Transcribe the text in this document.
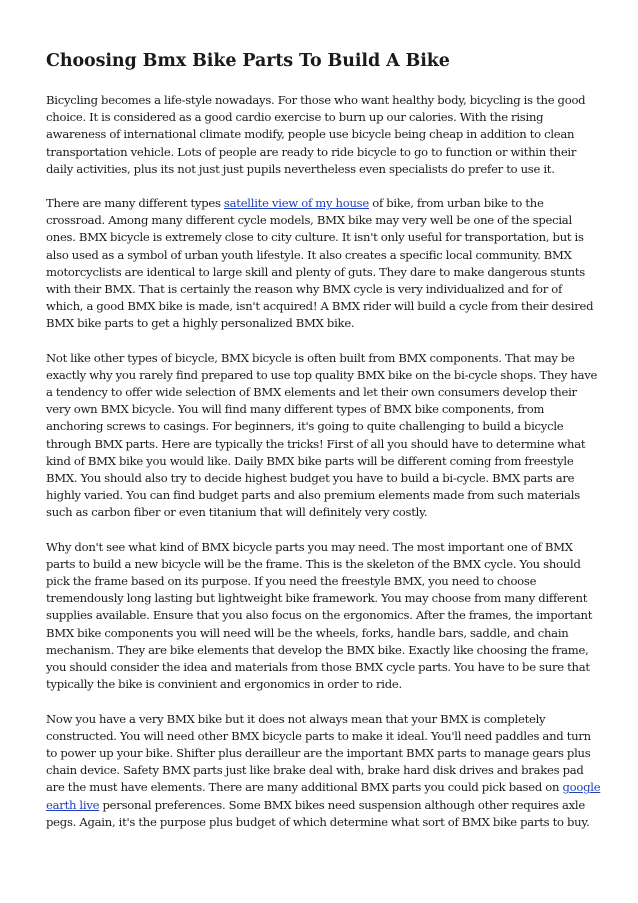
Choosing Bmx Bike Parts To Build A Bike

Bicycling becomes a life-style nowadays. For those who want healthy body, bicycling is the good choice. It is considered as a good cardio exercise to burn up our calories. With the rising awareness of international climate modify, people use bicycle being cheap in addition to clean transportation vehicle. Lots of people are ready to ride bicycle to go to function or within their daily activities, plus its not just just pupils nevertheless even specialists do prefer to use it.

There are many different types satellite view of my house of bike, from urban bike to the crossroad. Among many different cycle models, BMX bike may very well be one of the special ones. BMX bicycle is extremely close to city culture. It isn't only useful for transportation, but is also used as a symbol of urban youth lifestyle. It also creates a specific local community. BMX motorcyclists are identical to large skill and plenty of guts. They dare to make dangerous stunts with their BMX. That is certainly the reason why BMX cycle is very individualized and for of which, a good BMX bike is made, isn't acquired! A BMX rider will build a cycle from their desired BMX bike parts to get a highly personalized BMX bike.

Not like other types of bicycle, BMX bicycle is often built from BMX components. That may be exactly why you rarely find prepared to use top quality BMX bike on the bi-cycle shops. They have a tendency to offer wide selection of BMX elements and let their own consumers develop their very own BMX bicycle. You will find many different types of BMX bike components, from anchoring screws to casings. For beginners, it's going to quite challenging to build a bicycle through BMX parts. Here are typically the tricks! First of all you should have to determine what kind of BMX bike you would like. Daily BMX bike parts will be different coming from freestyle BMX. You should also try to decide highest budget you have to build a bi-cycle. BMX parts are highly varied. You can find budget parts and also premium elements made from such materials such as carbon fiber or even titanium that will definitely very costly.

Why don't see what kind of BMX bicycle parts you may need. The most important one of BMX parts to build a new bicycle will be the frame. This is the skeleton of the BMX cycle. You should pick the frame based on its purpose. If you need the freestyle BMX, you need to choose tremendously long lasting but lightweight bike framework. You may choose from many different supplies available. Ensure that you also focus on the ergonomics. After the frames, the important BMX bike components you will need will be the wheels, forks, handle bars, saddle, and chain mechanism. They are bike elements that develop the BMX bike. Exactly like choosing the frame, you should consider the idea and materials from those BMX cycle parts. You have to be sure that typically the bike is convinient and ergonomics in order to ride.

Now you have a very BMX bike but it does not always mean that your BMX is completely constructed. You will need other BMX bicycle parts to make it ideal. You'll need paddles and turn to power up your bike. Shifter plus derailleur are the important BMX parts to manage gears plus chain device. Safety BMX parts just like brake deal with, brake hard disk drives and brakes pad are the must have elements. There are many additional BMX parts you could pick based on google earth live personal preferences. Some BMX bikes need suspension although other requires axle pegs. Again, it's the purpose plus budget of which determine what sort of BMX bike parts to buy.
